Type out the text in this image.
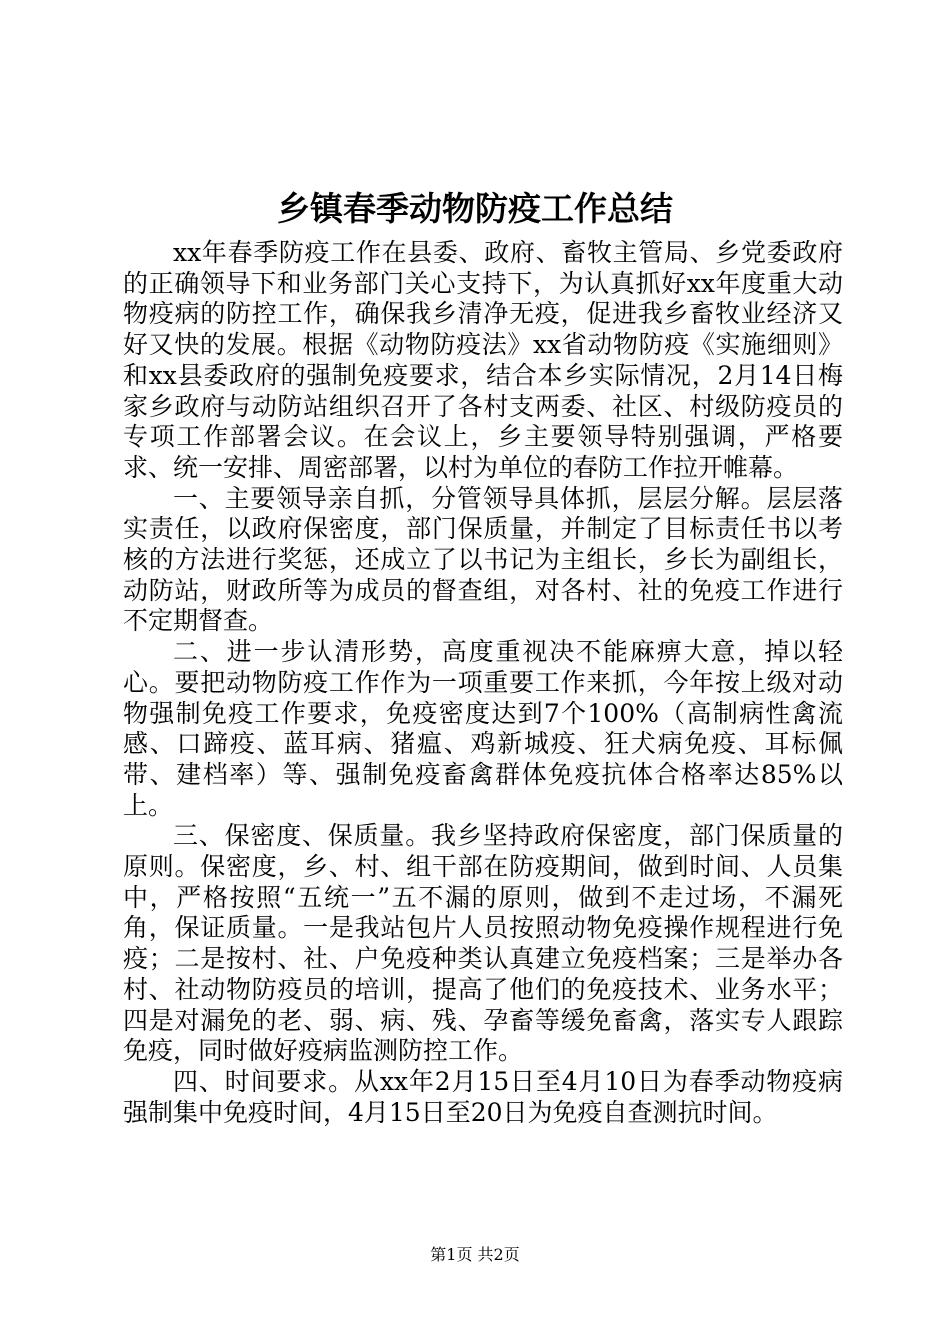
乡镇春季动物防疫工作总结

xx年春季防疫工作在县委、政府、畜牧主管局、乡党委政府的正确领导下和业务部门关心支持下，为认真抓好xx年度重大动物疫病的防控工作，确保我乡清净无疫，促进我乡畜牧业经济又好又快的发展。根据《动物防疫法》xx省动物防疫《实施细则》和xx县委政府的强制免疫要求，结合本乡实际情况，2月14日梅家乡政府与动防站组织召开了各村支两委、社区、村级防疫员的专项工作部署会议。在会议上，乡主要领导特别强调，严格要求、统一安排、周密部署，以村为单位的春防工作拉开帷幕。

一、主要领导亲自抓，分管领导具体抓，层层分解。层层落实责任，以政府保密度，部门保质量，并制定了目标责任书以考核的方法进行奖惩，还成立了以书记为主组长，乡长为副组长，动防站，财政所等为成员的督查组，对各村、社的免疫工作进行不定期督查。

二、进一步认清形势，高度重视决不能麻痹大意，掉以轻心。要把动物防疫工作作为一项重要工作来抓，今年按上级对动物强制免疫工作要求，免疫密度达到7个100%（高制病性禽流感、口蹄疫、蓝耳病、猪瘟、鸡新城疫、狂犬病免疫、耳标佩带、建档率）等、强制免疫畜禽群体免疫抗体合格率达85%以上。

三、保密度、保质量。我乡坚持政府保密度，部门保质量的原则。保密度，乡、村、组干部在防疫期间，做到时间、人员集中，严格按照“五统一”五不漏的原则，做到不走过场，不漏死角，保证质量。一是我站包片人员按照动物免疫操作规程进行免疫；二是按村、社、户免疫种类认真建立免疫档案；三是举办各村、社动物防疫员的培训，提高了他们的免疫技术、业务水平；四是对漏免的老、弱、病、残、孕畜等缓免畜禽，落实专人跟踪免疫，同时做好疫病监测防控工作。

四、时间要求。从xx年2月15日至4月10日为春季动物疫病强制集中免疫时间，4月15日至20日为免疫自查测抗时间。

第1页 共2页
